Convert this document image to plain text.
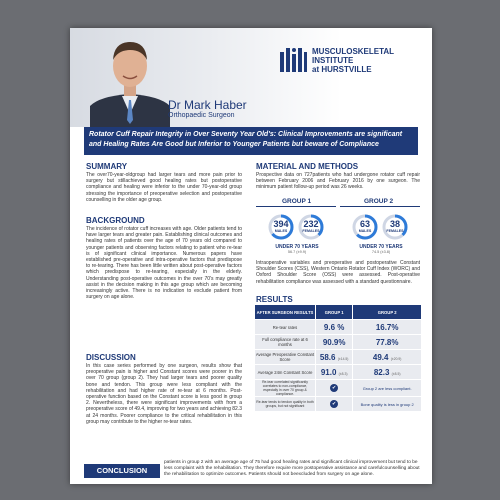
Dr Mark Haber
Orthopaedic Surgeon
MUSCULOSKELETAL
INSTITUTE
at HURSTVILLE
Rotator Cuff Repair Integrity in Over Seventy Year Old's: Clinical Improvements are significant and Healing Rates Are Good but Inferior to Younger Patients but beware of Compliance
SUMMARY
The over70-year-oldgroup had larger tears and more pain prior to surgery but stillachieved good healing rates but postoperative compliance and healing were inferior to the under 70-year-old group stressing the importance of preoperative selection and postoperative counselling in the older age group.
BACKGROUND
The incidence of rotator cuff increases with age. Older patients tend to have larger tears and greater pain. Establishing clinical outcomes and healing rates of patients over the age of 70 years old compared to younger patients and observing factors relating to patient who re-tear is of significant clinical importance. Numerous papers have established pre-operative and intra-operative factors that predispose to re-tearing. There has been little written about post-operative factors which predispose to re-tearing, especially in the elderly. Understanding post-operative outcomes in the over 70's may greatly assist in the decision making in this age group which are becoming increasingly active. There is no indication to exclude patient from surgery on age alone.
DISCUSSION
In this case series performed by one surgeon, results show that preoperative pain is higher and Constant scores were poorer in the over 70 group (group 2). They had larger tears and poorer quality bone and tendon. This group were less compliant with the rehabilitation and had higher rate of re-tear at 6 months. Post-operative function based on the Constant score is less good in group 2. Nevertheless, there were significant improvements with from a preoperative score of 49.4, improving for two years and achieving 82.3 at 24 months. Poorer compliance to the critical rehabilitation in this group may contribute to the higher re-tear rates.
MATERIAL AND METHODS
Prospective data on 727patients who had undergone rotator cuff repair between February 2006 and February 2016 by one surgeon. The minimum patient follow-up period was 26 weeks.
GROUP 1	GROUP 2
394
MALES
232
FEMALES
UNDER 70 YEARS
56.7 (±9.9)
63
MALES
38
FEMALES
UNDER 70 YEARS
74.5 (±3.8)
Intraoperative variables and preoperative and postoperative Constant Shoulder Scores (CSS), Western Ontario Rotator Cuff Index (WORC) and Oxford Shoulder Score (OSS) were assessed. Post-operative rehabilitation compliance was assessed with a standard questionnaire.
RESULTS
AFTER SURGEON RESULTS	GROUP 1	GROUP 2
Re-tear rates	9.6 %	16.7%
Full compliance rate at 6 months	90.9%	77.8%
Average Preoperative Constant Score	58.6 (±14.5)	49.4 (±20.9)
Average 24m Constant Score	91.0 (±8.3)	82.3 (±8.5)
Re-tear correlated significantly correlates to non-compliance, especially in over 70 group & compliance.	✔	Group 2 are less compliant.
Re-tear tends to tendon quality in both groups, but not significant	✔	Bone quality is less in group 2
CONCLUSION
patients in group 2 with an average age of 75 had good healing rates and significant clinical improvement but tend to be less complaint with the rehabilitation. They therefore require more postoperative assistance and carefulcounselling about the rehabilitation to optimize outcomes. Patients should not beexcluded from surgery on age alone.
